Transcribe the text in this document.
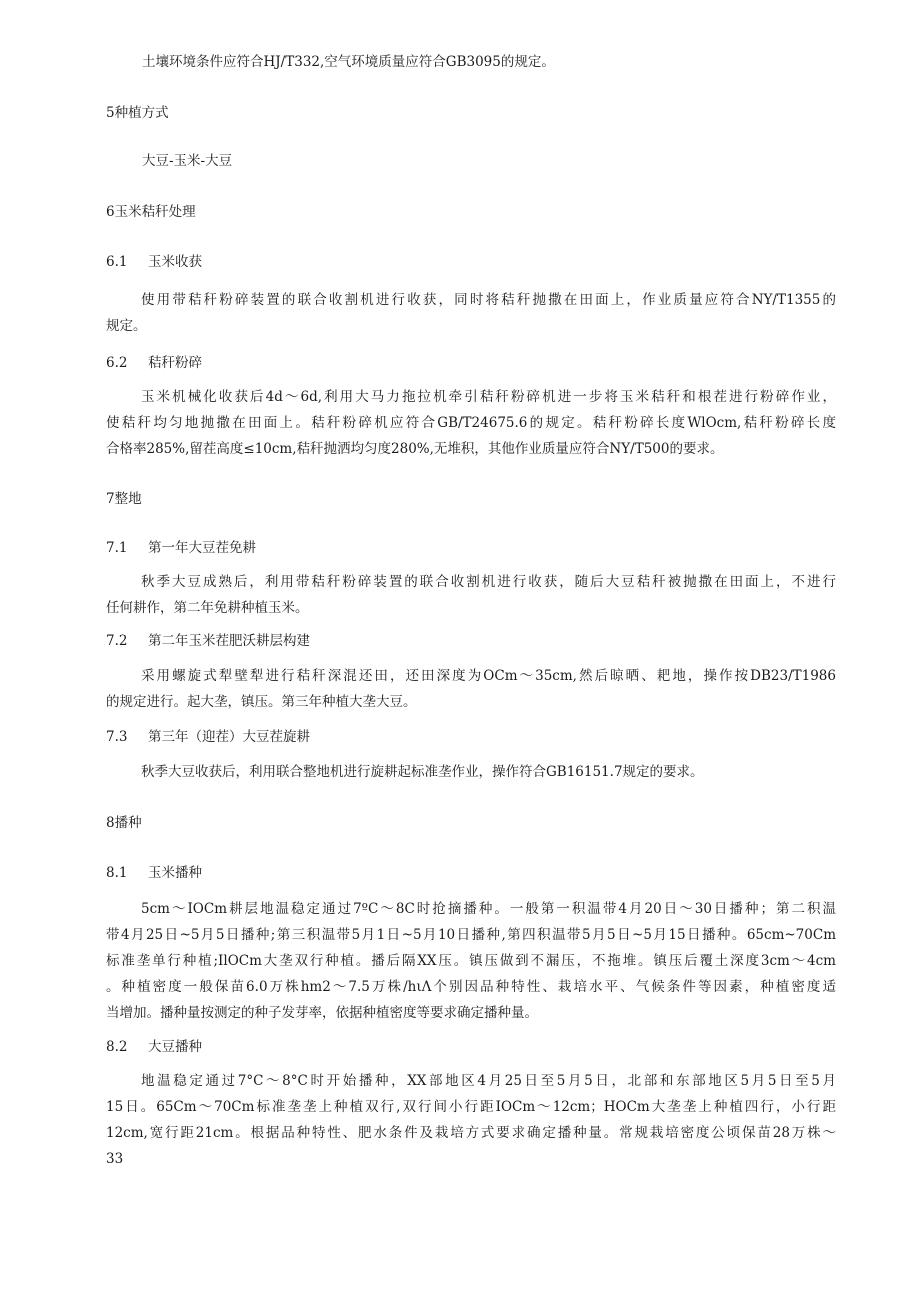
土壤环境条件应符合HJ/T332,空气环境质量应符合GB3095的规定。

5种植方式

大豆-玉米-大豆

6玉米秸秆处理

6.1	玉米收获
使用带秸秆粉碎装置的联合收割机进行收获，同时将秸秆抛撒在田面上，作业质量应符合NY/T1355的
规定。
6.2	秸秆粉碎
玉米机械化收获后4d～6d,利用大马力拖拉机牵引秸秆粉碎机进一步将玉米秸秆和根茬进行粉碎作业，
使秸秆均匀地抛撒在田面上。秸秆粉碎机应符合GB/T24675.6的规定。秸秆粉碎长度WlOcm,秸秆粉碎长度
合格率285%,留茬高度≤10cm,秸秆抛洒均匀度280%,无堆积，其他作业质量应符合NY/T500的要求。

7整地

7.1	第一年大豆茬免耕
秋季大豆成熟后，利用带秸秆粉碎装置的联合收割机进行收获，随后大豆秸秆被抛撒在田面上，不进行
任何耕作，第二年免耕种植玉米。
7.2	第二年玉米茬肥沃耕层构建
采用螺旋式犁壁犁进行秸秆深混还田，还田深度为OCm～35cm,然后晾晒、耙地，操作按DB23/T1986
的规定进行。起大垄，镇压。第三年种植大垄大豆。
7.3	第三年（迎茬）大豆茬旋耕
秋季大豆收获后，利用联合整地机进行旋耕起标准垄作业，操作符合GB16151.7规定的要求。

8播种

8.1	玉米播种
5cm～IOCm耕层地温稳定通过7ºC～8C时抢摘播种。一般第一积温带4月20日～30日播种；第二积温
带4月25日~5月5日播种;第三积温带5月1日~5月10日播种,第四积温带5月5日~5月15日播种。65cm~70Cm
标准垄单行种植;IlOCm大垄双行种植。播后隔XX压。镇压做到不漏压，不拖堆。镇压后覆土深度3cm～4cm
。种植密度一般保苗6.0万株hm2～7.5万株/hιΛ个别因品种特性、栽培水平、气候条件等因素，种植密度适
当增加。播种量按测定的种子发芽率，依据种植密度等要求确定播种量。
8.2	大豆播种
地温稳定通过7°C～8°C时开始播种，XX部地区4月25日至5月5日，北部和东部地区5月5日至5月
15日。65Cm～70Cm标准垄垄上种植双行,双行间小行距IOCm～12cm；HOCm大垄垄上种植四行，小行距
12cm,宽行距21cm。根据品种特性、肥水条件及栽培方式要求确定播种量。常规栽培密度公顷保苗28万株～
33
